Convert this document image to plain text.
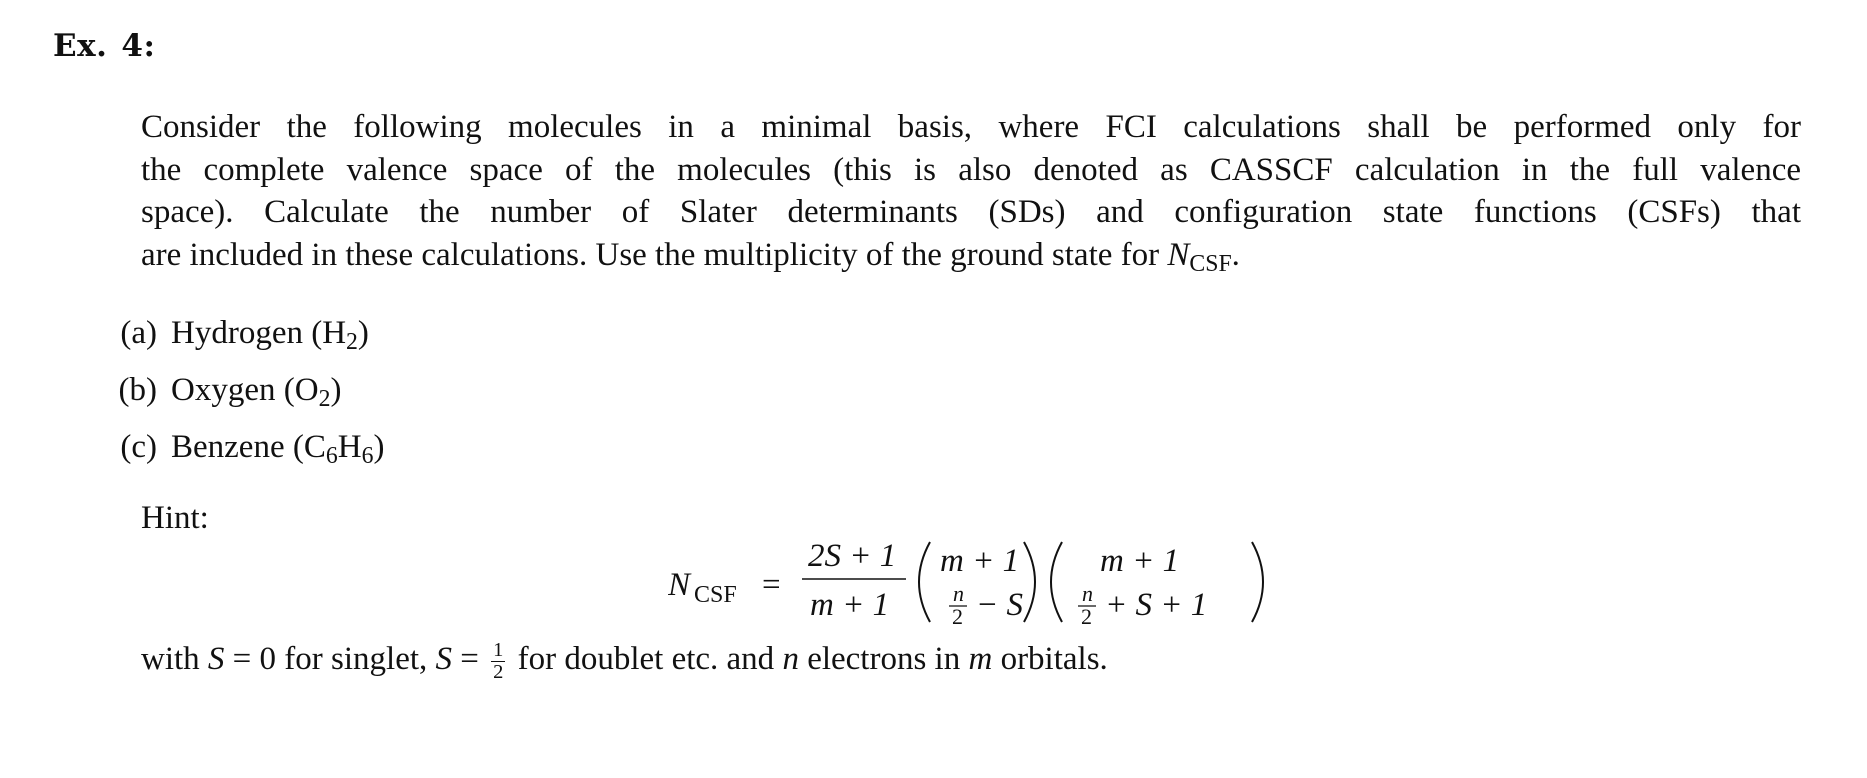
Ex. 4:
Consider the following molecules in a minimal basis, where FCI calculations shall be performed only for
the complete valence space of the molecules (this is also denoted as CASSCF calculation in the full valence
space). Calculate the number of Slater determinants (SDs) and configuration state functions (CSFs) that
are included in these calculations. Use the multiplicity of the ground state for $N_{CSF}$.
(a) Hydrogen $(H_2)$
(b) Oxygen $(O_2)$
(c) Benzene $(C_6H_6)$
Hint:
N CSF =
2S + 1
m + 1
m + 1
n
2 − S
m + 1
n
2 + S + 1
with S = 0 for singlet, $S = \frac{1}{2}$ for doublet etc. and n electrons in m orbitals.
